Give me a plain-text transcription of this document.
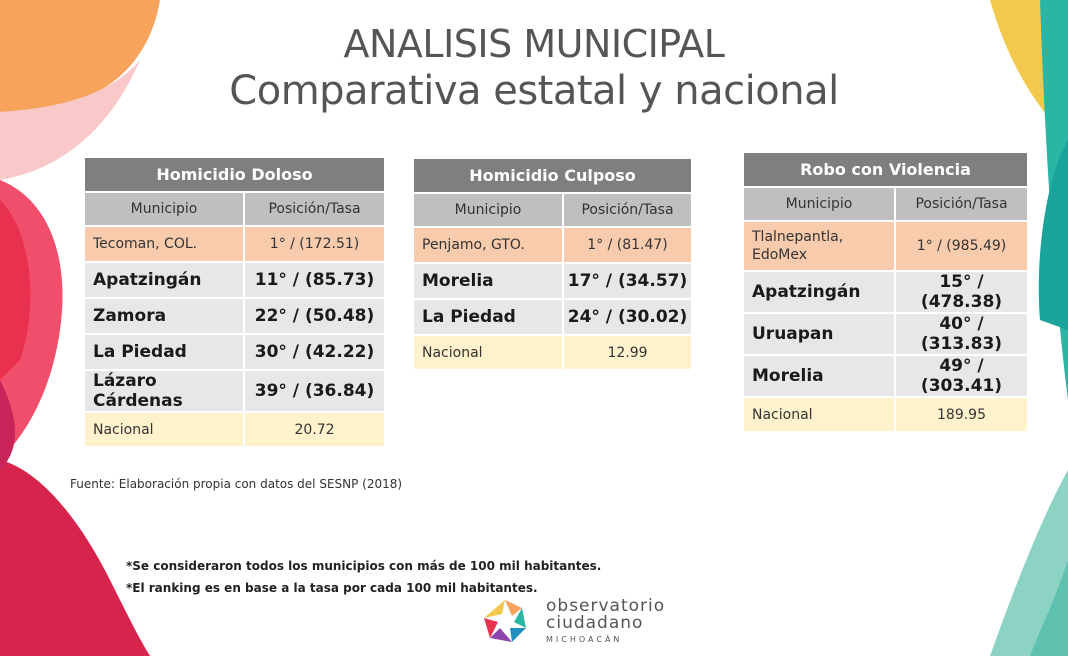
ANALISIS MUNICIPAL
Comparativa estatal y nacional
Homicidio Doloso	
Municipio	Posición/Tasa
Tecoman, COL.	1° / (172.51)
Apatzingán	11° / (85.73)
Zamora	22° / (50.48)
La Piedad	30° / (42.22)
Lázaro Cárdenas	39° / (36.84)
Nacional	20.72
Homicidio Culposo	
Municipio	Posición/Tasa
Penjamo, GTO.	1° / (81.47)
Morelia	17° / (34.57)
La Piedad	24° / (30.02)
Nacional	12.99
Robo con Violencia	
Municipio	Posición/Tasa
Tlalnepantla, EdoMex	1° / (985.49)
Apatzingán	15° / (478.38)
Uruapan	40° / (313.83)
Morelia	49° / (303.41)
Nacional	189.95
Fuente: Elaboración propia con datos del SESNP (2018)
*Se consideraron todos los municipios con más de 100 mil habitantes.
*El ranking es en base a la tasa por cada 100 mil habitantes.
observatorio
ciudadano
MICHOACÁN
